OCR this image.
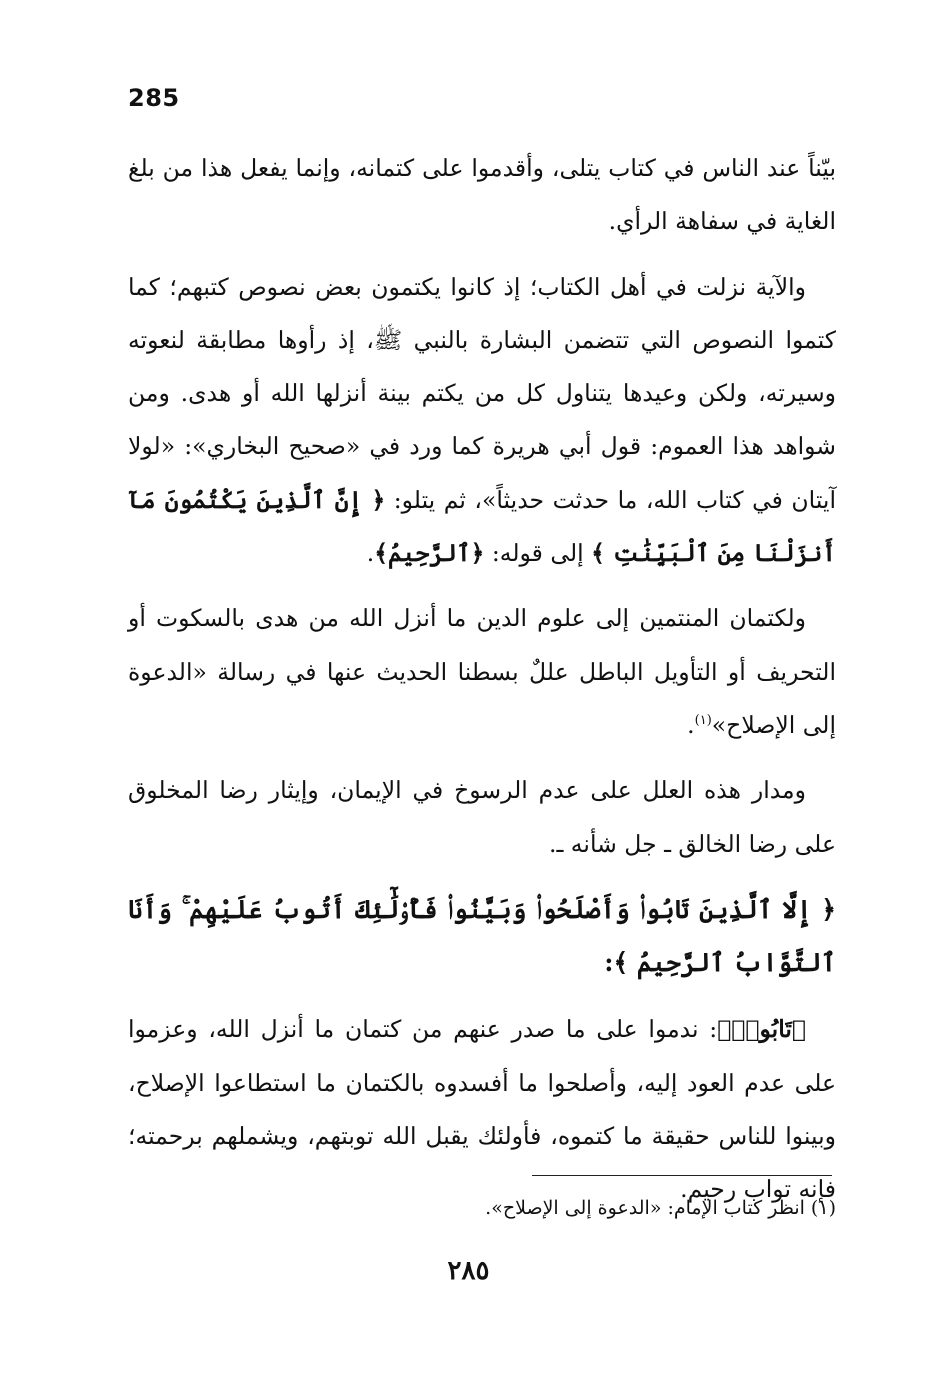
285

بيّناً عند الناس في كتاب يتلى، وأقدموا على كتمانه، وإنما يفعل هذا من بلغ الغاية في سفاهة الرأي.

والآية نزلت في أهل الكتاب؛ إذ كانوا يكتمون بعض نصوص كتبهم؛ كما كتموا النصوص التي تتضمن البشارة بالنبي ﷺ، إذ رأوها مطابقة لنعوته وسيرته، ولكن وعيدها يتناول كل من يكتم بينة أنزلها الله أو هدى. ومن شواهد هذا العموم: قول أبي هريرة كما ورد في «صحيح البخاري»: «لولا آيتان في كتاب الله، ما حدثت حديثاً»، ثم يتلو: ﴿ إِنَّ ٱلَّذِينَ يَكْتُمُونَ مَآ أَنزَلْنَا مِنَ ٱلْبَيِّنَٰتِ ﴾ إلى قوله: ﴿ٱلرَّحِيمُ﴾.

ولكتمان المنتمين إلى علوم الدين ما أنزل الله من هدى بالسكوت أو التحريف أو التأويل الباطل عللٌ بسطنا الحديث عنها في رسالة «الدعوة إلى الإصلاح»$^{(١)}$.

ومدار هذه العلل على عدم الرسوخ في الإيمان، وإيثار رضا المخلوق على رضا الخالق ـ جل شأنه ـ.

﴿ إِلَّا ٱلَّذِينَ تَابُوا۟ وَأَصْلَحُوا۟ وَبَيَّنُوا۟ فَأُو۟لَٰٓئِكَ أَتُوبُ عَلَيْهِمْ ۚ وَأَنَا ٱلتَّوَّابُ ٱلرَّحِيمُ ﴾:

﴿تَابُوا۟﴾: ندموا على ما صدر عنهم من كتمان ما أنزل الله، وعزموا على عدم العود إليه، وأصلحوا ما أفسدوه بالكتمان ما استطاعوا الإصلاح، وبينوا للناس حقيقة ما كتموه، فأولئك يقبل الله توبتهم، ويشملهم برحمته؛ فإنه تواب رحيم.

(١) انظر كتاب الإمام: «الدعوة إلى الإصلاح».
٢٨٥
